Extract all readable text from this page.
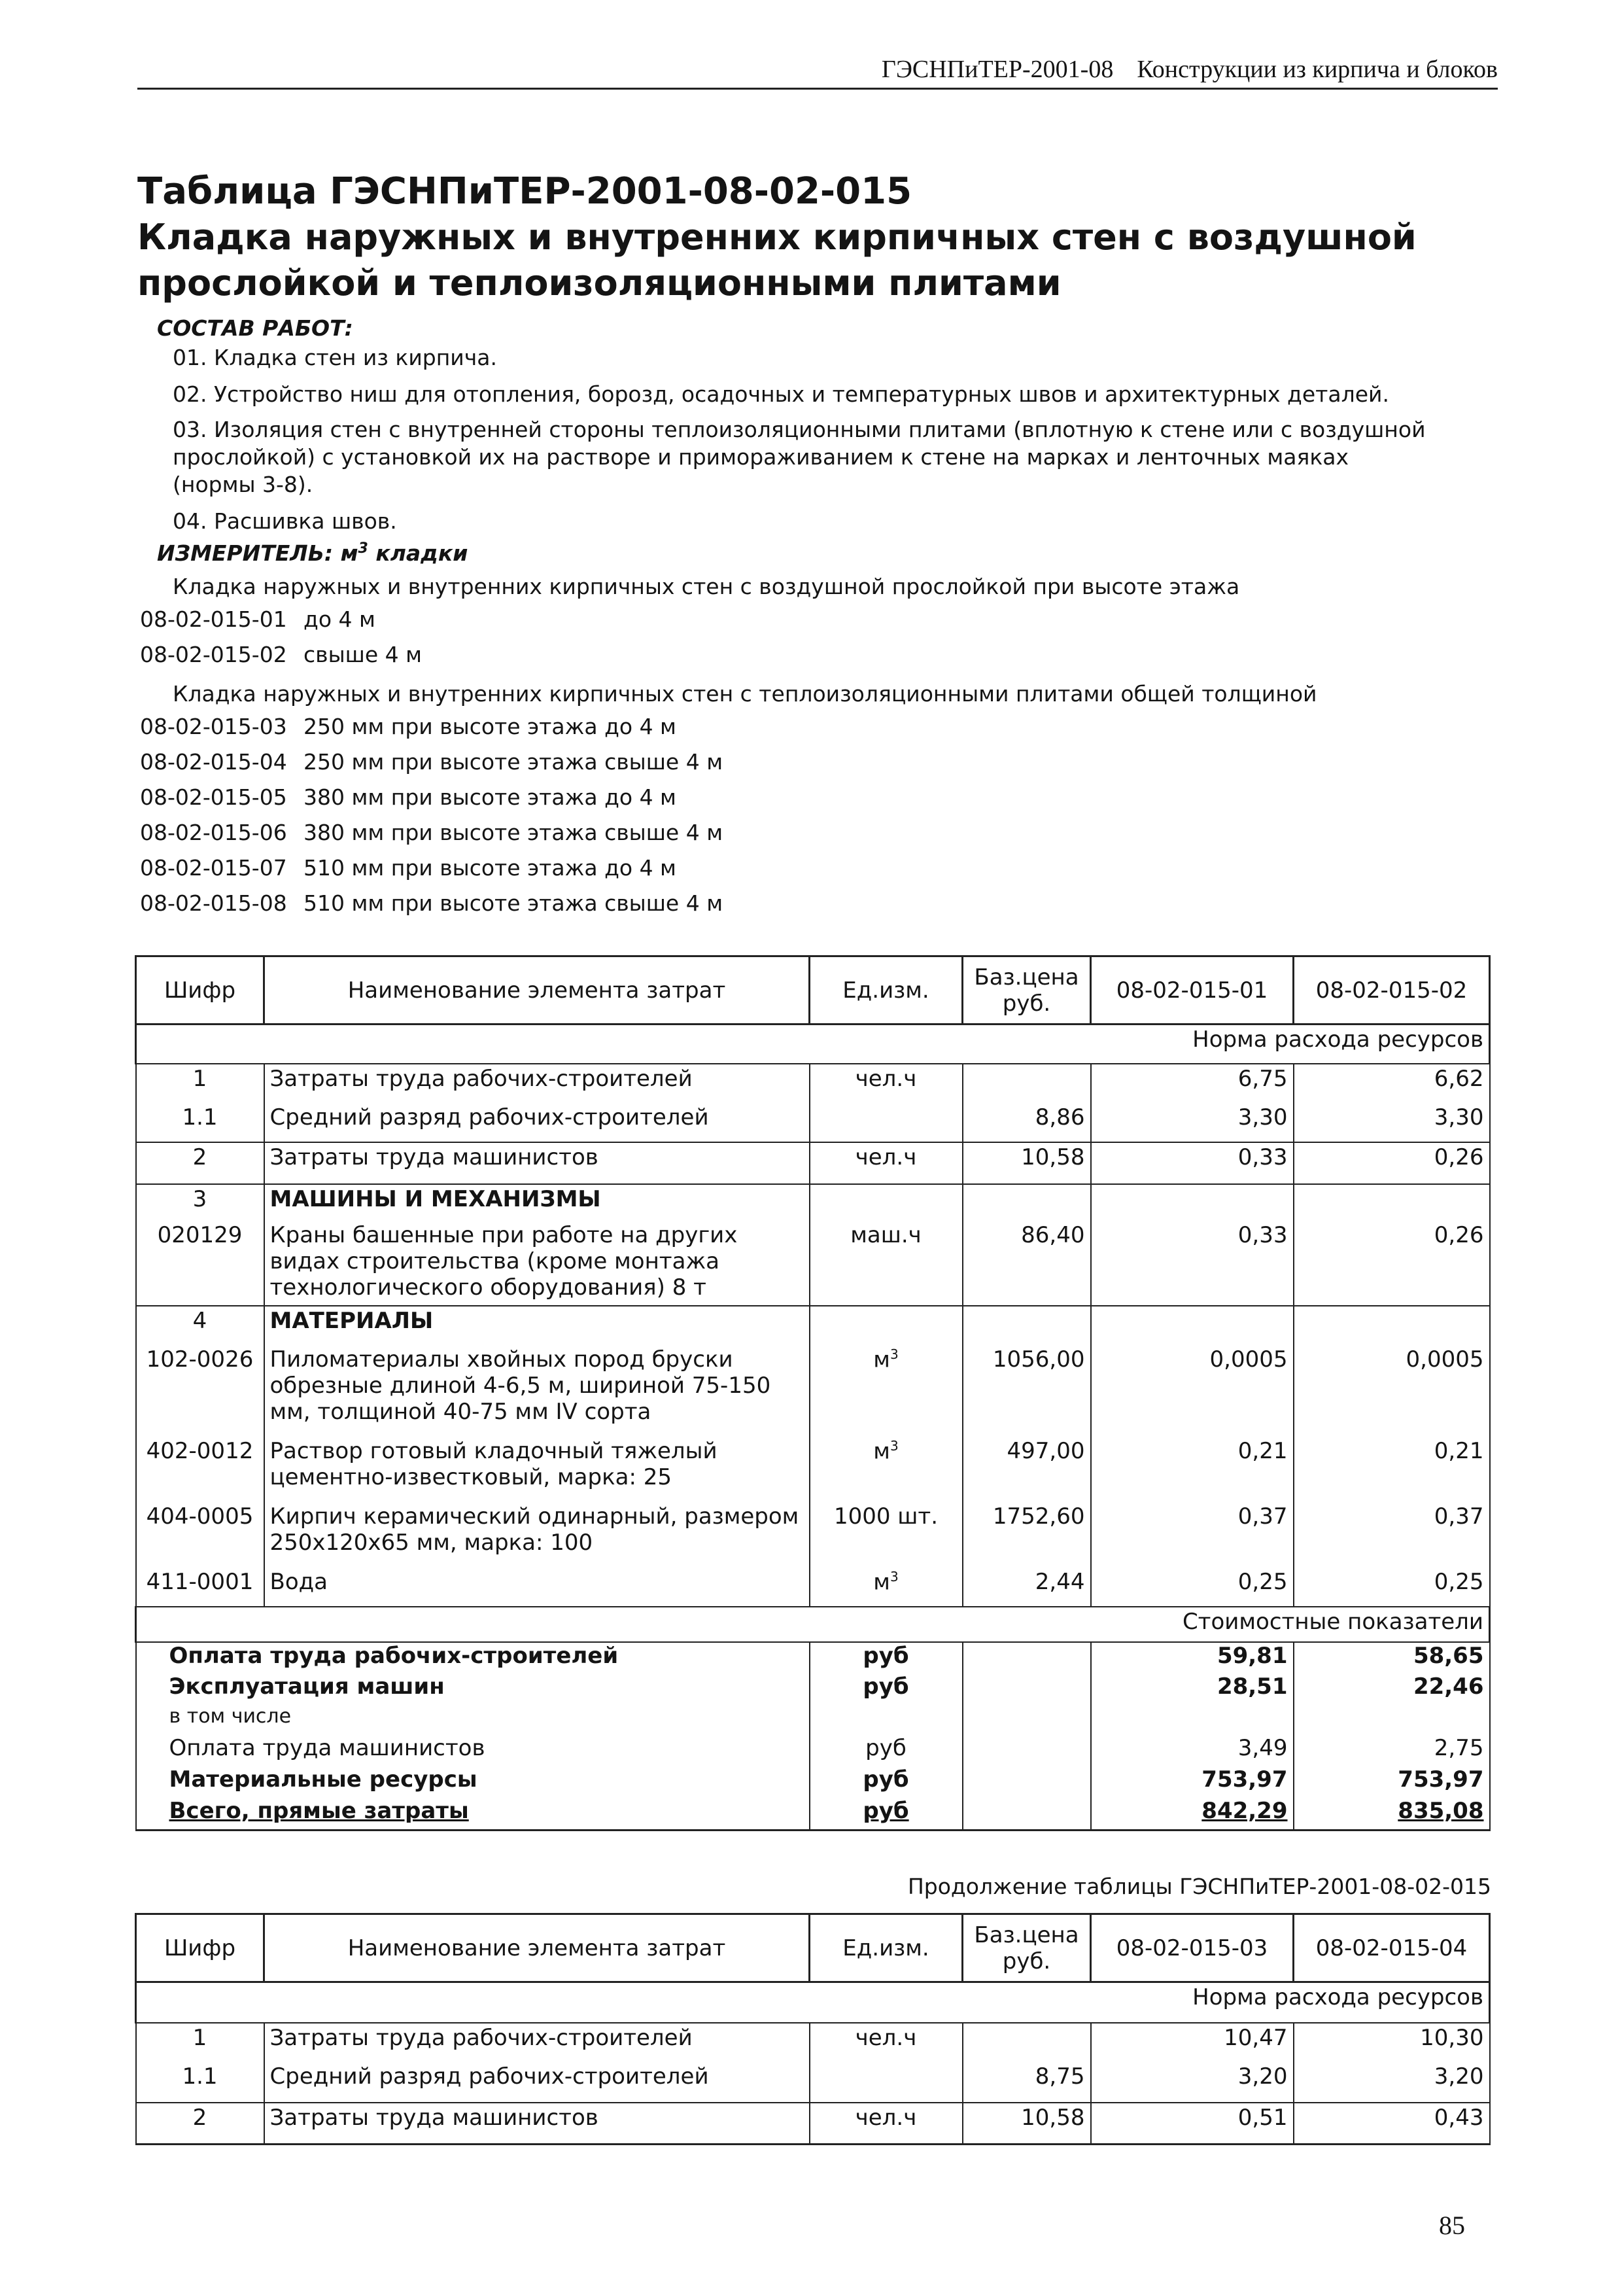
ГЭСНПиТЕР-2001-08 Конструкции из кирпича и блоков
Таблица ГЭСНПиТЕР-2001-08-02-015
Кладка наружных и внутренних кирпичных стен с воздушной
прослойкой и теплоизоляционными плитами
СОСТАВ РАБОТ:
01. Кладка стен из кирпича.
02. Устройство ниш для отопления, борозд, осадочных и температурных швов и архитектурных деталей.
03. Изоляция стен с внутренней стороны теплоизоляционными плитами (вплотную к стене или с воздушной прослойкой) с установкой их на растворе и примораживанием к стене на марках и ленточных маяках (нормы 3-8).
04. Расшивка швов.
ИЗМЕРИТЕЛЬ: $м^3$ кладки
Кладка наружных и внутренних кирпичных стен с воздушной прослойкой при высоте этажа
08-02-015-01 до 4 м
08-02-015-02 свыше 4 м
Кладка наружных и внутренних кирпичных стен с теплоизоляционными плитами общей толщиной
08-02-015-03 250 мм при высоте этажа до 4 м
08-02-015-04 250 мм при высоте этажа свыше 4 м
08-02-015-05 380 мм при высоте этажа до 4 м
08-02-015-06 380 мм при высоте этажа свыше 4 м
08-02-015-07 510 мм при высоте этажа до 4 м
08-02-015-08 510 мм при высоте этажа свыше 4 м
Шифр	Наименование элемента затрат	Ед.изм.	Баз.цена руб.	08-02-015-01	08-02-015-02
Норма расхода ресурсов					
1	Затраты труда рабочих-строителей	чел.ч		6,75	6,62
1.1	Средний разряд рабочих-строителей		8,86	3,30	3,30
2	Затраты труда машинистов	чел.ч	10,58	0,33	0,26
3	МАШИНЫ И МЕХАНИЗМЫ				
020129	Краны башенные при работе на других видах строительства (кроме монтажа технологического оборудования) 8 т	маш.ч	86,40	0,33	0,26
4	МАТЕРИАЛЫ				
102-0026	Пиломатериалы хвойных пород бруски обрезные длиной 4-6,5 м, шириной 75-150 мм, толщиной 40-75 мм IV сорта	$м^3$	1056,00	0,0005	0,0005
402-0012	Раствор готовый кладочный тяжелый цементно-известковый, марка: 25	$м^3$	497,00	0,21	0,21
404-0005	Кирпич керамический одинарный, размером 250х120х65 мм, марка: 100	1000 шт.	1752,60	0,37	0,37
411-0001	Вода	$м^3$	2,44	0,25	0,25
Стоимостные показатели					
Оплата труда рабочих-строителей		руб		59,81	58,65
Эксплуатация машин		руб		28,51	22,46
в том числе					
Оплата труда машинистов		руб		3,49	2,75
Материальные ресурсы		руб		753,97	753,97
Всего, прямые затраты		руб		842,29	835,08
Продолжение таблицы ГЭСНПиТЕР-2001-08-02-015
Шифр	Наименование элемента затрат	Ед.изм.	Баз.цена руб.	08-02-015-03	08-02-015-04
Норма расхода ресурсов					
1	Затраты труда рабочих-строителей	чел.ч		10,47	10,30
1.1	Средний разряд рабочих-строителей		8,75	3,20	3,20
2	Затраты труда машинистов	чел.ч	10,58	0,51	0,43
85
